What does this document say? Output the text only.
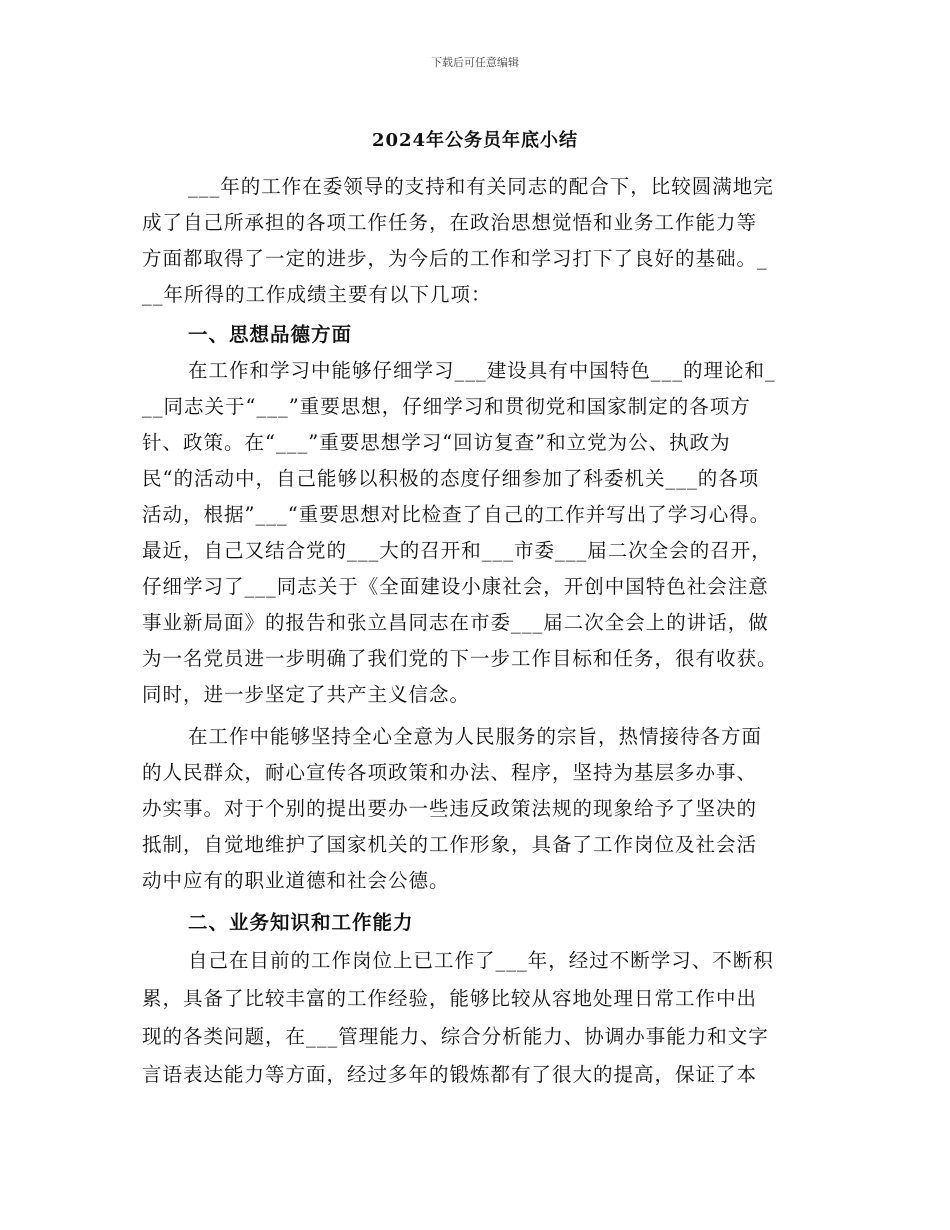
下载后可任意编辑
2024年公务员年底小结
___年的工作在委领导的支持和有关同志的配合下，比较圆满地完
成了自己所承担的各项工作任务，在政治思想觉悟和业务工作能力等
方面都取得了一定的进步，为今后的工作和学习打下了良好的基础。_
__年所得的工作成绩主要有以下几项：
一、思想品德方面
在工作和学习中能够仔细学习___建设具有中国特色___的理论和_
__同志关于“___”重要思想，仔细学习和贯彻党和国家制定的各项方
针、政策。在“___”重要思想学习“回访复查”和立党为公、执政为
民“的活动中，自己能够以积极的态度仔细参加了科委机关___的各项
活动，根据”___“重要思想对比检查了自己的工作并写出了学习心得。
最近，自己又结合党的___大的召开和___市委___届二次全会的召开，
仔细学习了___同志关于《全面建设小康社会，开创中国特色社会注意
事业新局面》的报告和张立昌同志在市委___届二次全会上的讲话，做
为一名党员进一步明确了我们党的下一步工作目标和任务，很有收获。
同时，进一步坚定了共产主义信念。
在工作中能够坚持全心全意为人民服务的宗旨，热情接待各方面
的人民群众，耐心宣传各项政策和办法、程序，坚持为基层多办事、
办实事。对于个别的提出要办一些违反政策法规的现象给予了坚决的
抵制，自觉地维护了国家机关的工作形象，具备了工作岗位及社会活
动中应有的职业道德和社会公德。
二、业务知识和工作能力
自己在目前的工作岗位上已工作了___年，经过不断学习、不断积
累，具备了比较丰富的工作经验，能够比较从容地处理日常工作中出
现的各类问题，在___管理能力、综合分析能力、协调办事能力和文字
言语表达能力等方面，经过多年的锻炼都有了很大的提高，保证了本
